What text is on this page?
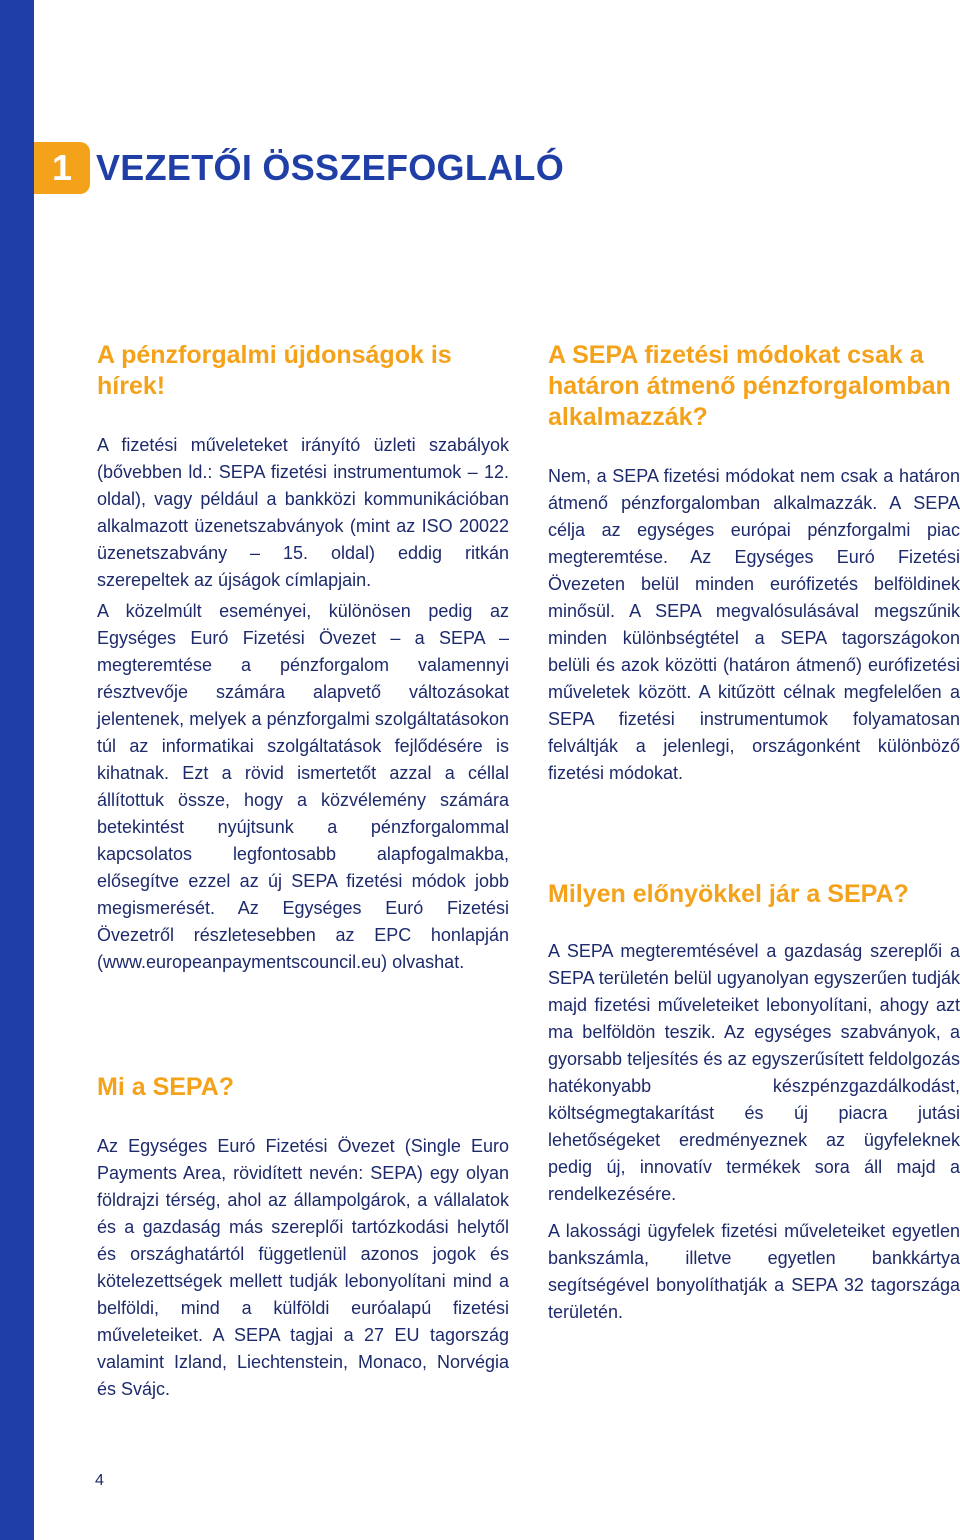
1 VEZETŐI ÖSSZEFOGLALÓ
A pénzforgalmi újdonságok is hírek!

A fizetési műveleteket irányító üzleti szabályok (bővebben ld.: SEPA fizetési instrumentumok – 12. oldal), vagy például a bankközi kommunikációban alkalmazott üzenetszabványok (mint az ISO 20022 üzenetszabvány – 15. oldal) eddig ritkán szerepeltek az újságok címlapjain.

A közelmúlt eseményei, különösen pedig az Egységes Euró Fizetési Övezet – a SEPA – megteremtése a pénzforgalom valamennyi résztvevője számára alapvető változásokat jelentenek, melyek a pénzforgalmi szolgáltatásokon túl az informatikai szolgáltatások fejlődésére is kihatnak. Ezt a rövid ismertetőt azzal a céllal állítottuk össze, hogy a közvélemény számára betekintést nyújtsunk a pénzforgalommal kapcsolatos legfontosabb alapfogalmakba, elősegítve ezzel az új SEPA fizetési módok jobb megismerését. Az Egységes Euró Fizetési Övezetről részletesebben az EPC honlapján (www.europeanpaymentscouncil.eu) olvashat.

Mi a SEPA?

Az Egységes Euró Fizetési Övezet (Single Euro Payments Area, rövidített nevén: SEPA) egy olyan földrajzi térség, ahol az állampolgárok, a vállalatok és a gazdaság más szereplői tartózkodási helytől és országhatártól függetlenül azonos jogok és kötelezettségek mellett tudják lebonyolítani mind a belföldi, mind a külföldi euróalapú fizetési műveleteiket. A SEPA tagjai a 27 EU tagország valamint Izland, Liechtenstein, Monaco, Norvégia és Svájc.

A SEPA fizetési módokat csak a határon átmenő pénzforgalomban alkalmazzák?

Nem, a SEPA fizetési módokat nem csak a határon átmenő pénzforgalomban alkalmazzák. A SEPA célja az egységes európai pénzforgalmi piac megteremtése. Az Egységes Euró Fizetési Övezeten belül minden euróﬁzetés belföldinek minősül. A SEPA megvalósulásával megszűnik minden különbségtétel a SEPA tagországokon belüli és azok közötti (határon átmenő) euróﬁzetési műveletek között. A kitűzött célnak megfelelően a SEPA fizetési instrumentumok folyamatosan felváltják a jelenlegi, országonként különböző fizetési módokat.

Milyen előnyökkel jár a SEPA?

A SEPA megteremtésével a gazdaság szereplői a SEPA területén belül ugyanolyan egyszerűen tudják majd fizetési műveleteiket lebonyolítani, ahogy azt ma belföldön teszik. Az egységes szabványok, a gyorsabb teljesítés és az egyszerűsített feldolgozás hatékonyabb készpénzgazdálkodást, költségmegtakarítást és új piacra jutási lehetőségeket eredményeznek az ügyfeleknek pedig új, innovatív termékek sora áll majd a rendelkezésére.

A lakossági ügyfelek fizetési műveleteiket egyetlen bankszámla, illetve egyetlen bankkártya segítségével bonyolíthatják a SEPA 32 tagországa területén.

4
